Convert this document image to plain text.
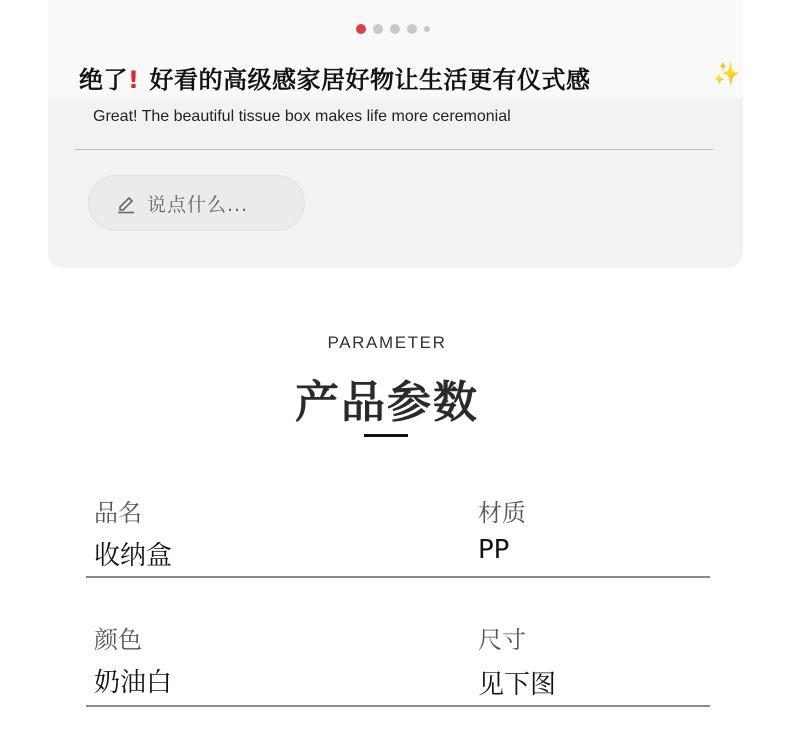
绝了! 好看的高级感家居好物让生活更有仪式感	✨
Great! The beautiful tissue box makes life more ceremonial
说点什么...
PARAMETER
产品参数
品名
收纳盒
材质
PP
颜色
奶油白
尺寸
见下图
